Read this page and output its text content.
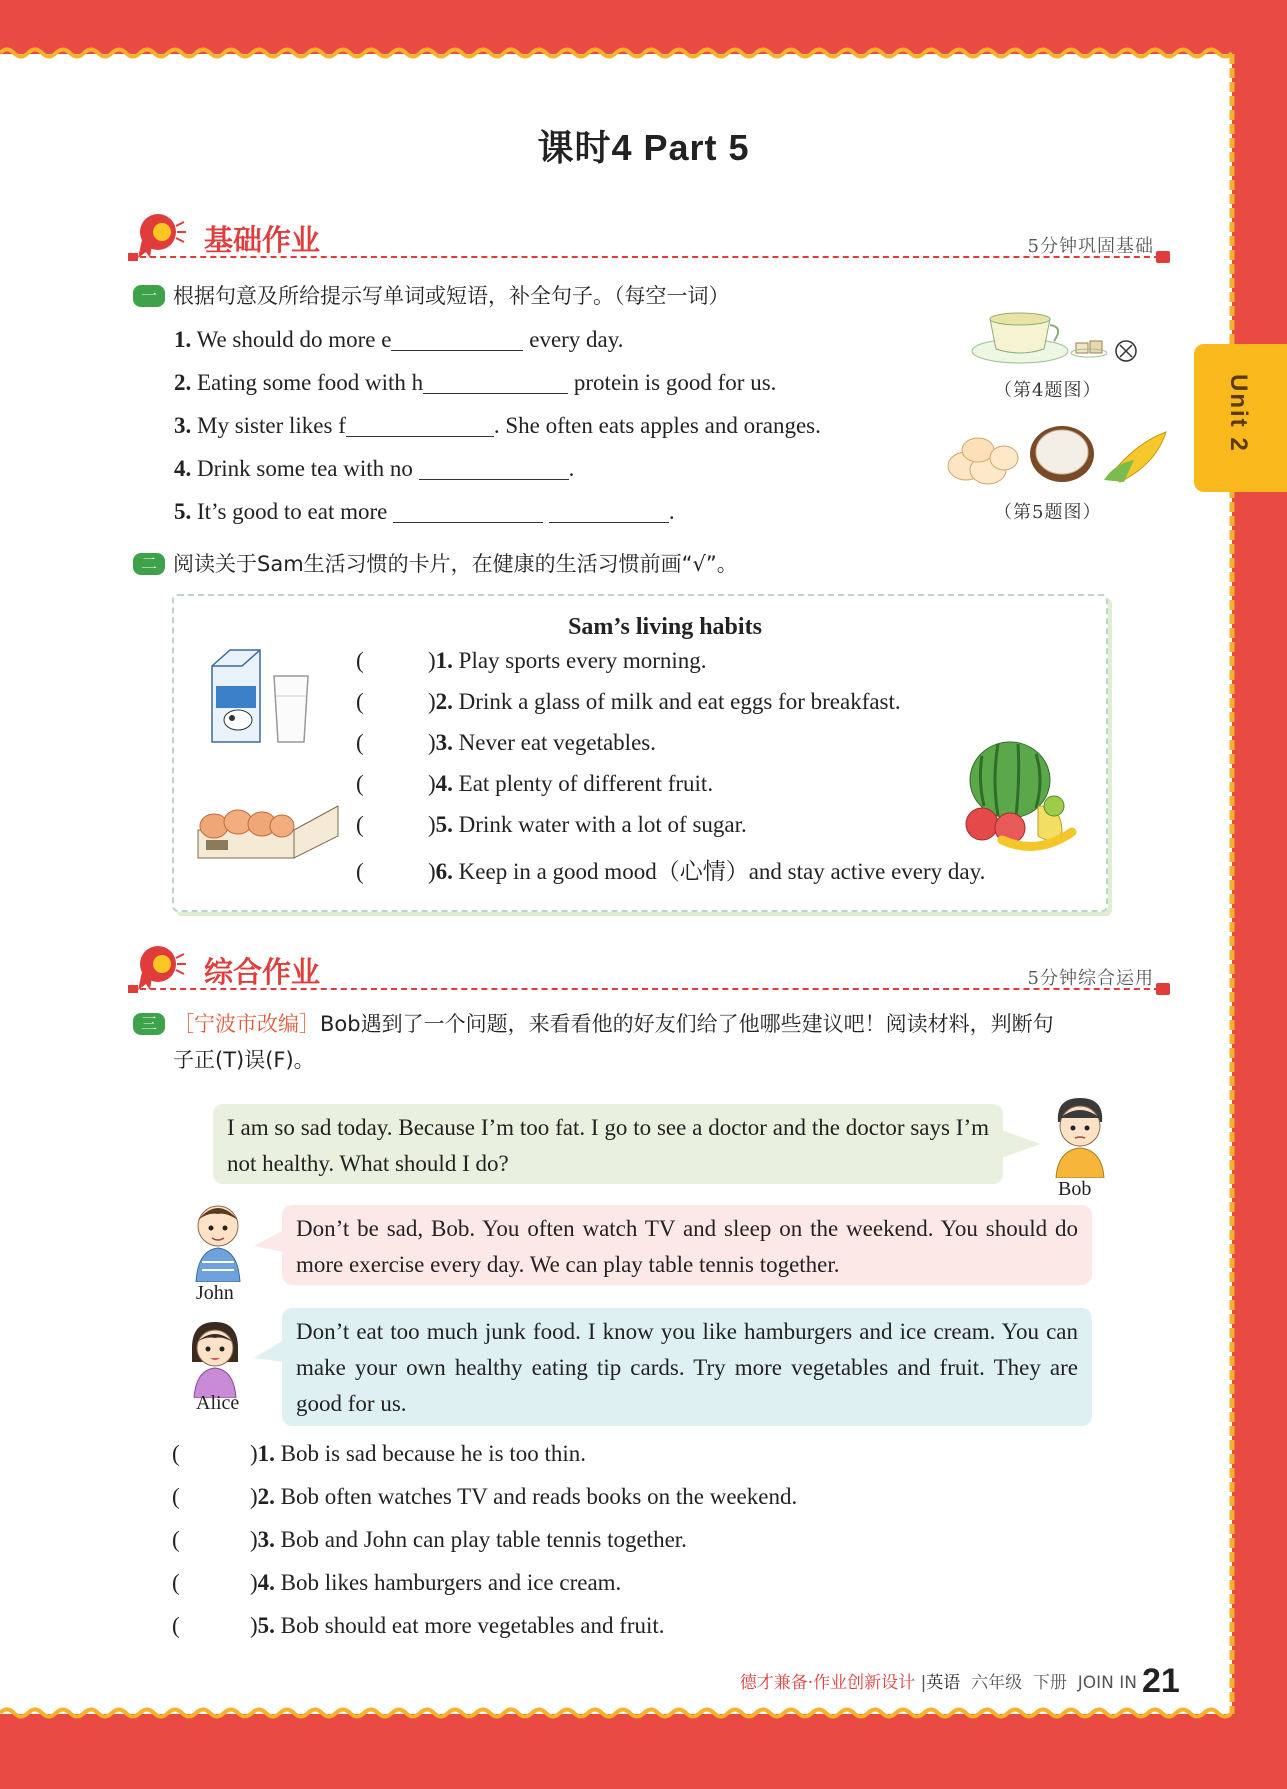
Unit 2
课时4 Part 5
基础作业	5分钟巩固基础
一 根据句意及所给提示写单词或短语，补全句子。（每空一词）
1. We should do more e	every day.
2. Eating some food with h	protein is good for us.
3. My sister likes f	. She often eats apples and oranges.
4. Drink some tea with no	.
5. It’s good to eat more	.
（第4题图）
（第5题图）
二 阅读关于Sam生活习惯的卡片，在健康的生活习惯前画“√”。
Sam’s living habits
(	)1. Play sports every morning.
(	)2. Drink a glass of milk and eat eggs for breakfast.
(	)3. Never eat vegetables.
(	)4. Eat plenty of different fruit.
(	)5. Drink water with a lot of sugar.
(	)6. Keep in a good mood（心情）and stay active every day.
综合作业	5分钟综合运用
三 ［宁波市改编］Bob遇到了一个问题，来看看他的好友们给了他哪些建议吧！阅读材料，判断句
子正(T)误(F)。
I am so sad today. Because I’m too fat. I go to see a doctor and the doctor says I’m not healthy. What should I do?
Bob
John
Don’t be sad, Bob. You often watch TV and sleep on the weekend. You should do more exercise every day. We can play table tennis together.
Alice
Don’t eat too much junk food. I know you like hamburgers and ice cream. You can make your own healthy eating tip cards. Try more vegetables and fruit. They are good for us.
(	)1. Bob is sad because he is too thin.
(	)2. Bob often watches TV and reads books on the weekend.
(	)3. Bob and John can play table tennis together.
(	)4. Bob likes hamburgers and ice cream.
(	)5. Bob should eat more vegetables and fruit.
德才兼备·作业创新设计 |英语 六年级 下册 JOIN IN 21
